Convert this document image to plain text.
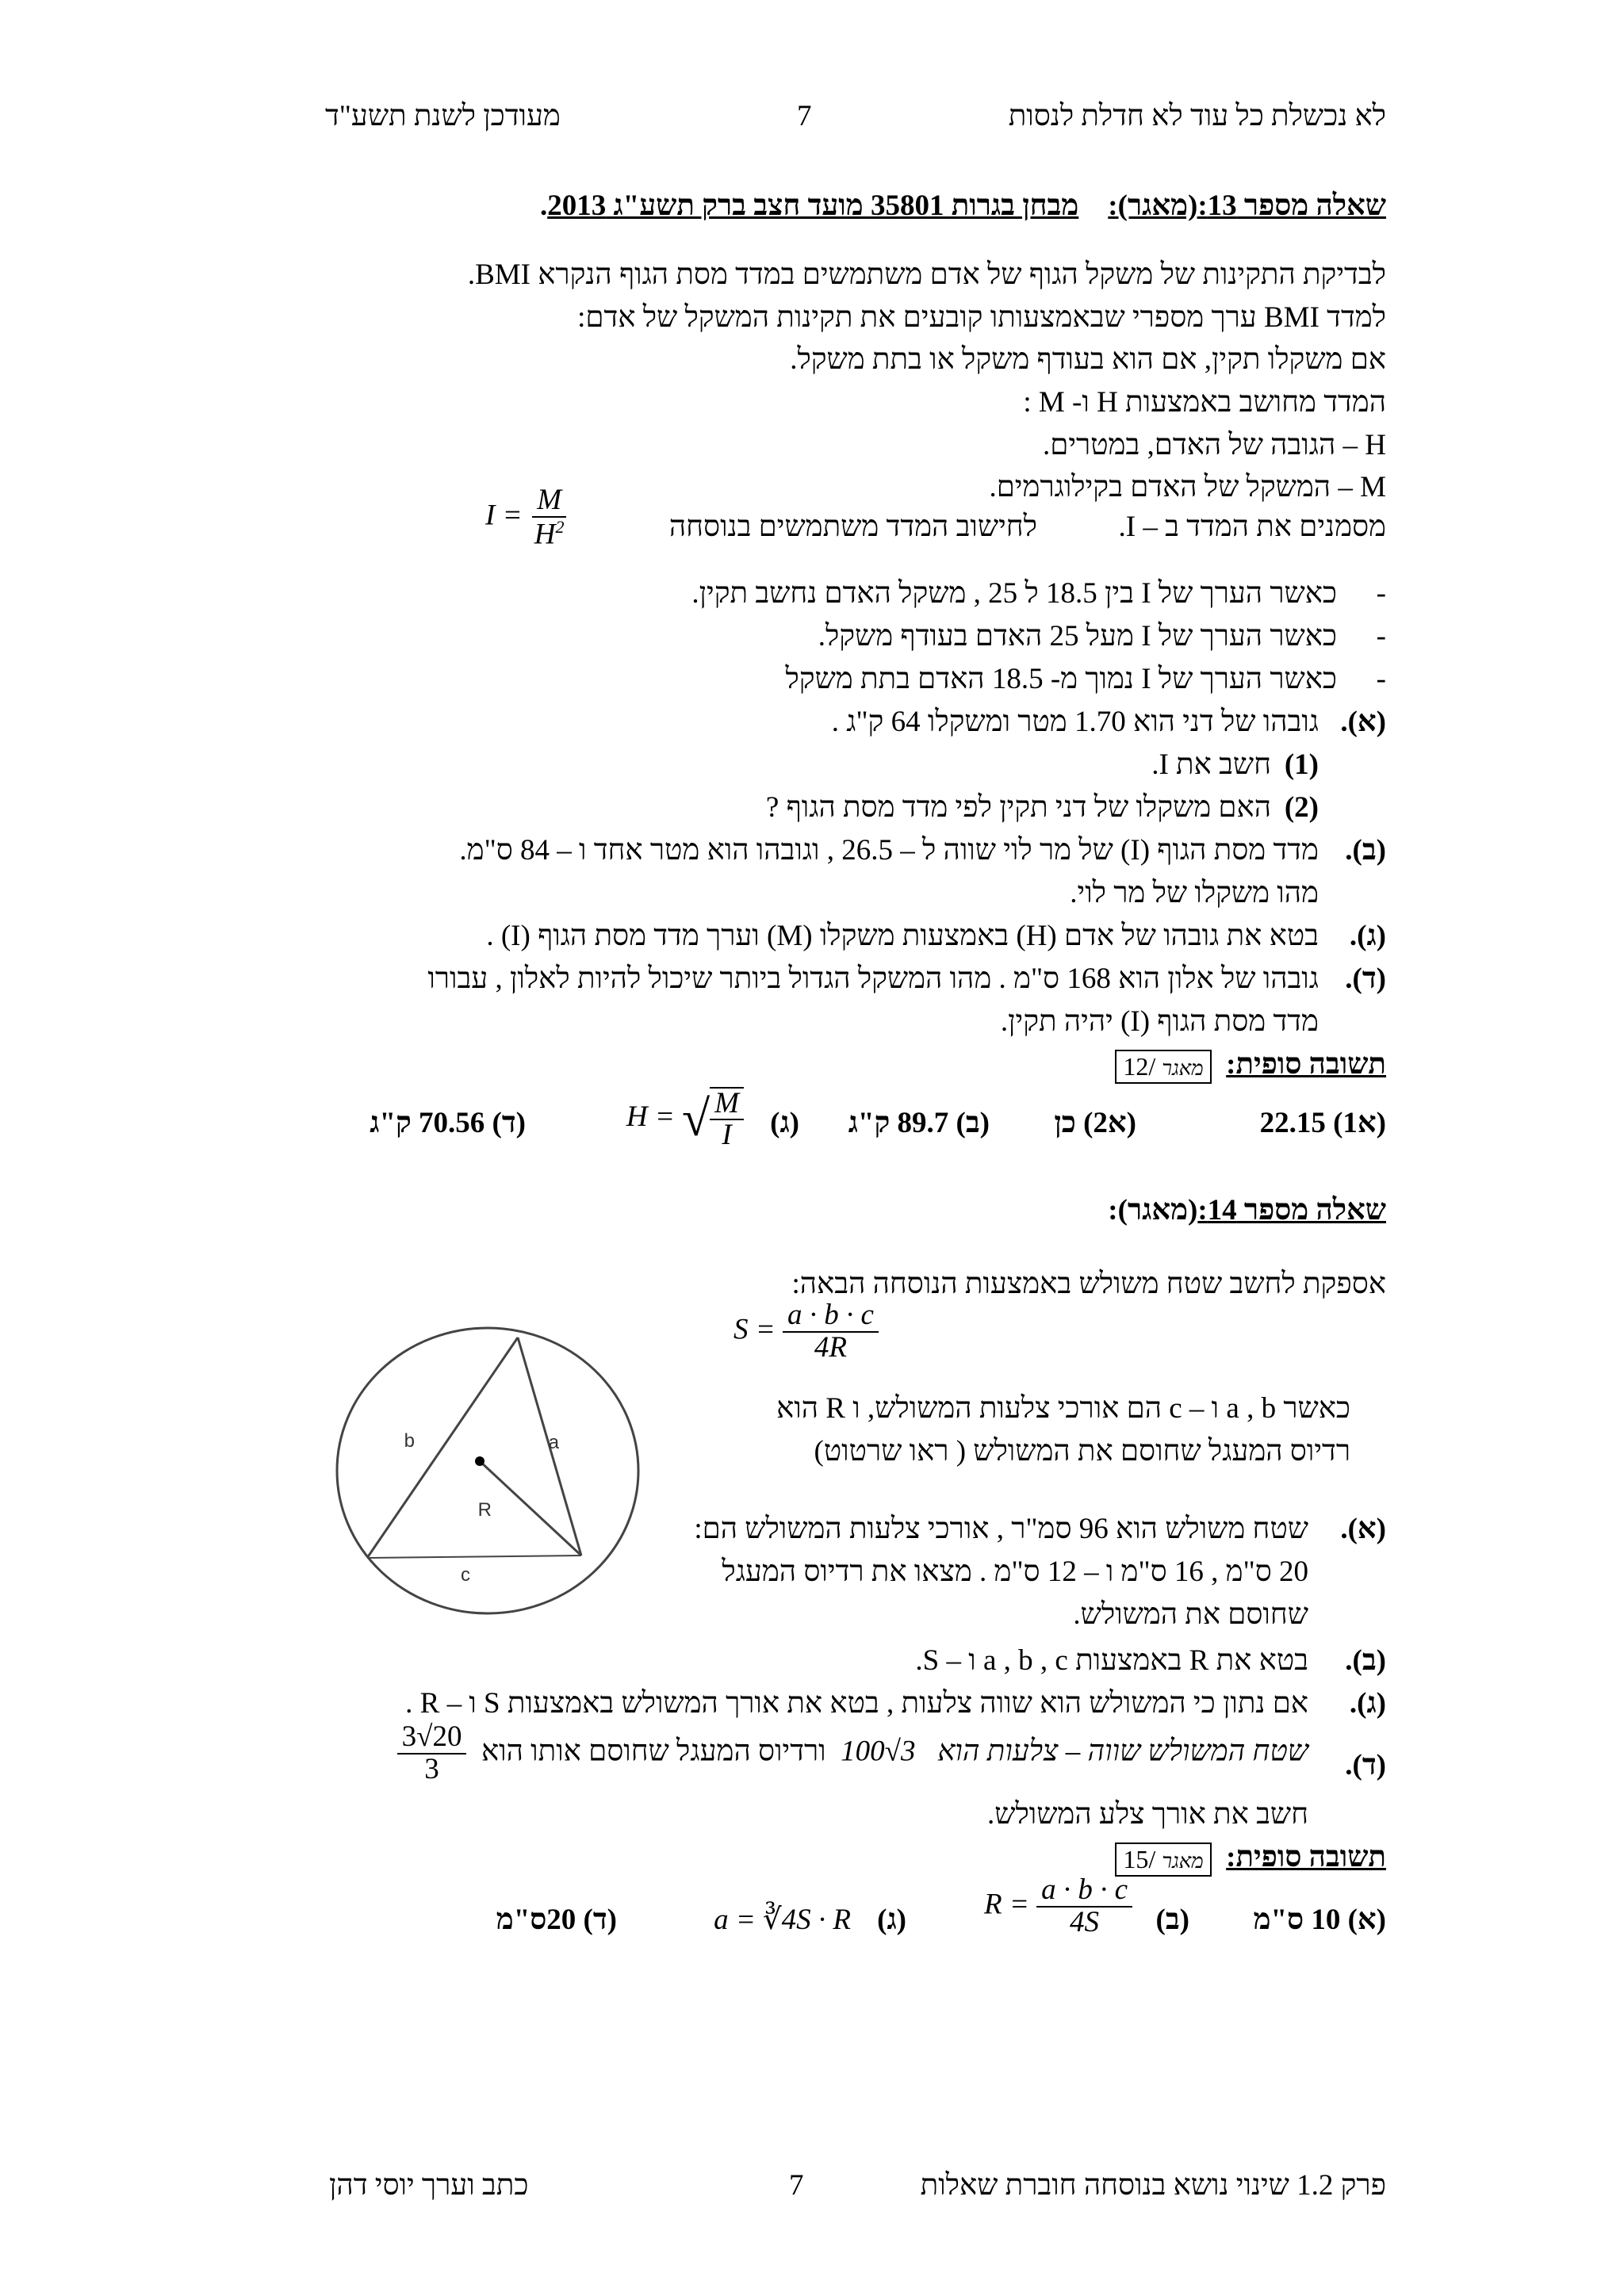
לא נכשלת כל עוד לא חדלת לנסות
7
מעודכן לשנת תשע"ד
שאלה מספר 13:(מאגר):    מבחן בגרות 35801 מועד חצב ברק תשע"ג 2013.
לבדיקת התקינות של משקל הגוף של אדם משתמשים במדד מסת הגוף הנקרא BMI.
למדד BMI ערך מספרי שבאמצעותו קובעים את תקינות המשקל של אדם:
אם משקלו תקין, אם הוא בעודף משקל או בתת משקל.
המדד מחושב באמצעות H ו- M :
H – הגובה של האדם, במטרים.
M – המשקל של האדם בקילוגרמים.
מסמנים את המדד ב – I.
לחישוב המדד משתמשים בנוסחה
$I = \frac{M}{H^2}$
-
כאשר הערך של I בין 18.5 ל 25 , משקל האדם נחשב תקין.
-
כאשר הערך של I מעל 25 האדם בעודף משקל.
-
כאשר הערך של I נמוך מ- 18.5 האדם בתת משקל
(א).
גובהו של דני הוא 1.70 מטר ומשקלו 64 ק"ג .
(1)
חשב את I.
(2)
האם משקלו של דני תקין לפי מדד מסת הגוף ?
(ב).
מדד מסת הגוף (I) של מר לוי שווה ל – 26.5 , וגובהו הוא מטר אחד ו – 84 ס"מ.
מהו משקלו של מר לוי.
(ג).
בטא את גובהו של אדם (H) באמצעות משקלו (M) וערך מדד מסת הגוף (I) .
(ד).
גובהו של אלון הוא 168 ס"מ . מהו המשקל הגדול ביותר שיכול להיות לאלון , עבורו
מדד מסת הגוף (I) יהיה תקין.
תשובה סופית:  מאגר 12/
(א1) 22.15
(א2) כן
(ב) 89.7 ק"ג
(ג)
H = √ $\frac{M}{I}$
(ד) 70.56 ק"ג
שאלה מספר 14:(מאגר):
אספקת לחשב שטח משולש באמצעות הנוסחה הבאה:
$S = \frac{a \cdot b \cdot c}{4R}$
כאשר a , b ו – c הם אורכי צלעות המשולש, ו R הוא
רדיוס המעגל שחוסם את המשולש ( ראו שרטוט)
b	a
R
c
(א).
שטח משולש הוא 96 סמ"ר , אורכי צלעות המשולש הם:
20 ס"מ , 16 ס"מ ו – 12 ס"מ . מצאו את רדיוס המעגל
שחוסם את המשולש.
(ב).
בטא את R באמצעות a , b , c ו – S.
(ג).
אם נתון כי המשולש הוא שווה צלעות , בטא את אורך המשולש באמצעות S ו – R .
(ד).
שטח המשולש שווה – צלעות הוא   100√3  ורדיוס המעגל שחוסם אותו הוא
$\frac{20√3}{3}$
חשב את אורך צלע המשולש.
תשובה סופית:  מאגר 15/
(א) 10 ס"מ
(ב)
$R = \frac{a \cdot b \cdot c}{4S}$
(ג)
a = ∛4S · R
(ד) 20ס"מ
פרק 1.2 שינוי נושא בנוסחה חוברת שאלות
7
כתב וערך יוסי דהן
